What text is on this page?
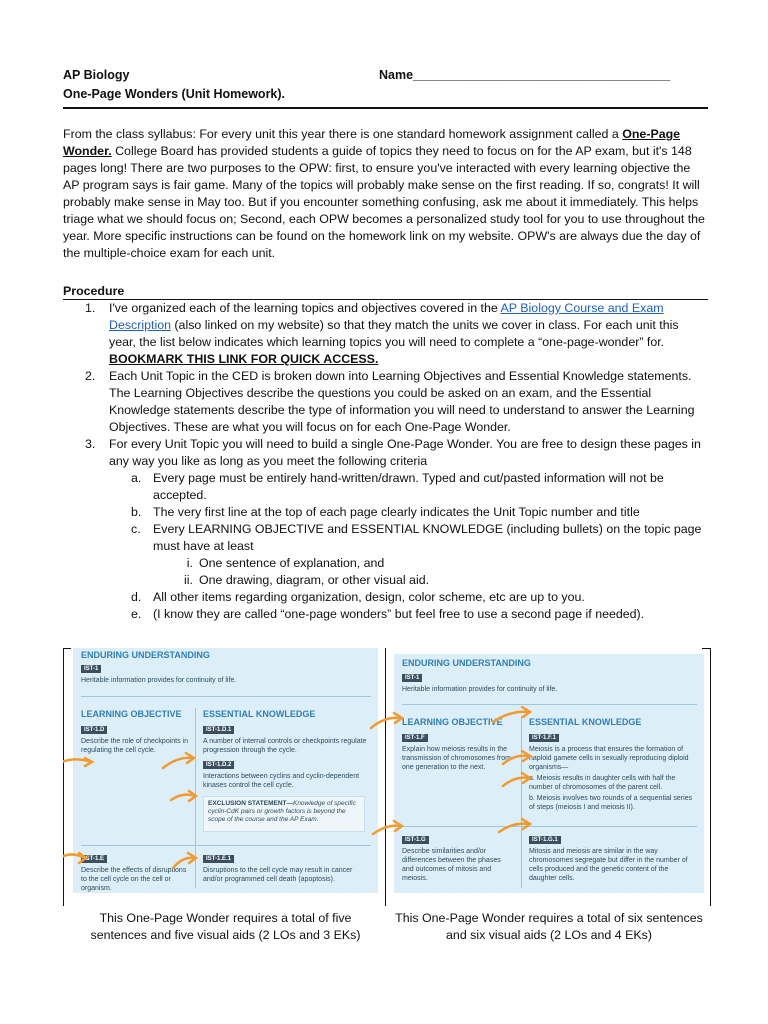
AP Biology
One-Page Wonders (Unit Homework).
Name_____________________________________

From the class syllabus: For every unit this year there is one standard homework assignment called a One-Page Wonder. College Board has provided students a guide of topics they need to focus on for the AP exam, but it's 148 pages long! There are two purposes to the OPW: first, to ensure you've interacted with every learning objective the AP program says is fair game. Many of the topics will probably make sense on the first reading. If so, congrats! It will probably make sense in May too. But if you encounter something confusing, ask me about it immediately. This helps triage what we should focus on; Second, each OPW becomes a personalized study tool for you to use throughout the year. More specific instructions can be found on the homework link on my website. OPW's are always due the day of the multiple-choice exam for each unit.

Procedure
1. I've organized each of the learning topics and objectives covered in the AP Biology Course and Exam Description (also linked on my website) so that they match the units we cover in class. For each unit this year, the list below indicates which learning topics you will need to complete a “one-page-wonder” for. BOOKMARK THIS LINK FOR QUICK ACCESS.
2. Each Unit Topic in the CED is broken down into Learning Objectives and Essential Knowledge statements. The Learning Objectives describe the questions you could be asked on an exam, and the Essential Knowledge statements describe the type of information you will need to understand to answer the Learning Objectives. These are what you will focus on for each One-Page Wonder.
3. For every Unit Topic you will need to build a single One-Page Wonder. You are free to design these pages in any way you like as long as you meet the following criteria
a. Every page must be entirely hand-written/drawn. Typed and cut/pasted information will not be accepted.
b. The very first line at the top of each page clearly indicates the Unit Topic number and title
c. Every LEARNING OBJECTIVE and ESSENTIAL KNOWLEDGE (including bullets) on the topic page must have at least
i. One sentence of explanation, and
ii. One drawing, diagram, or other visual aid.
d. All other items regarding organization, design, color scheme, etc are up to you.
e. (I know they are called “one-page wonders” but feel free to use a second page if needed).
ENDURING UNDERSTANDING
IST-1
Heritable information provides for continuity of life.
LEARNING OBJECTIVE ESSENTIAL KNOWLEDGE
IST-1.D
Describe the role of checkpoints in regulating the cell cycle.
IST-1.D.1
A number of internal controls or checkpoints regulate progression through the cycle.
IST-1.D.2
Interactions between cyclins and cyclin-dependent kinases control the cell cycle.
EXCLUSION STATEMENT—Knowledge of specific cyclin-CdK pairs or growth factors is beyond the scope of the course and the AP Exam.
IST-1.E
Describe the effects of disruptions to the cell cycle on the cell or organism.
IST-1.E.1
Disruptions to the cell cycle may result in cancer and/or programmed cell death (apoptosis).
ENDURING UNDERSTANDING
IST-1
Heritable information provides for continuity of life.
LEARNING OBJECTIVE	ESSENTIAL KNOWLEDGE
IST-1.F
Explain how meiosis results in the transmission of chromosomes from one generation to the next.
IST-1.F.1
Meiosis is a process that ensures the formation of haploid gamete cells in sexually reproducing diploid organisms—
a. Meiosis results in daughter cells with half the number of chromosomes of the parent cell.
b. Meiosis involves two rounds of a sequential series of steps (meiosis I and meiosis II).
IST-1.G
Describe similarities and/or differences between the phases and outcomes of mitosis and meiosis.
IST-1.G.1
Mitosis and meiosis are similar in the way chromosomes segregate but differ in the number of cells produced and the genetic content of the daughter cells.
This One-Page Wonder requires a total of five sentences and five visual aids (2 LOs and 3 EKs)
This One-Page Wonder requires a total of six sentences and six visual aids (2 LOs and 4 EKs)
